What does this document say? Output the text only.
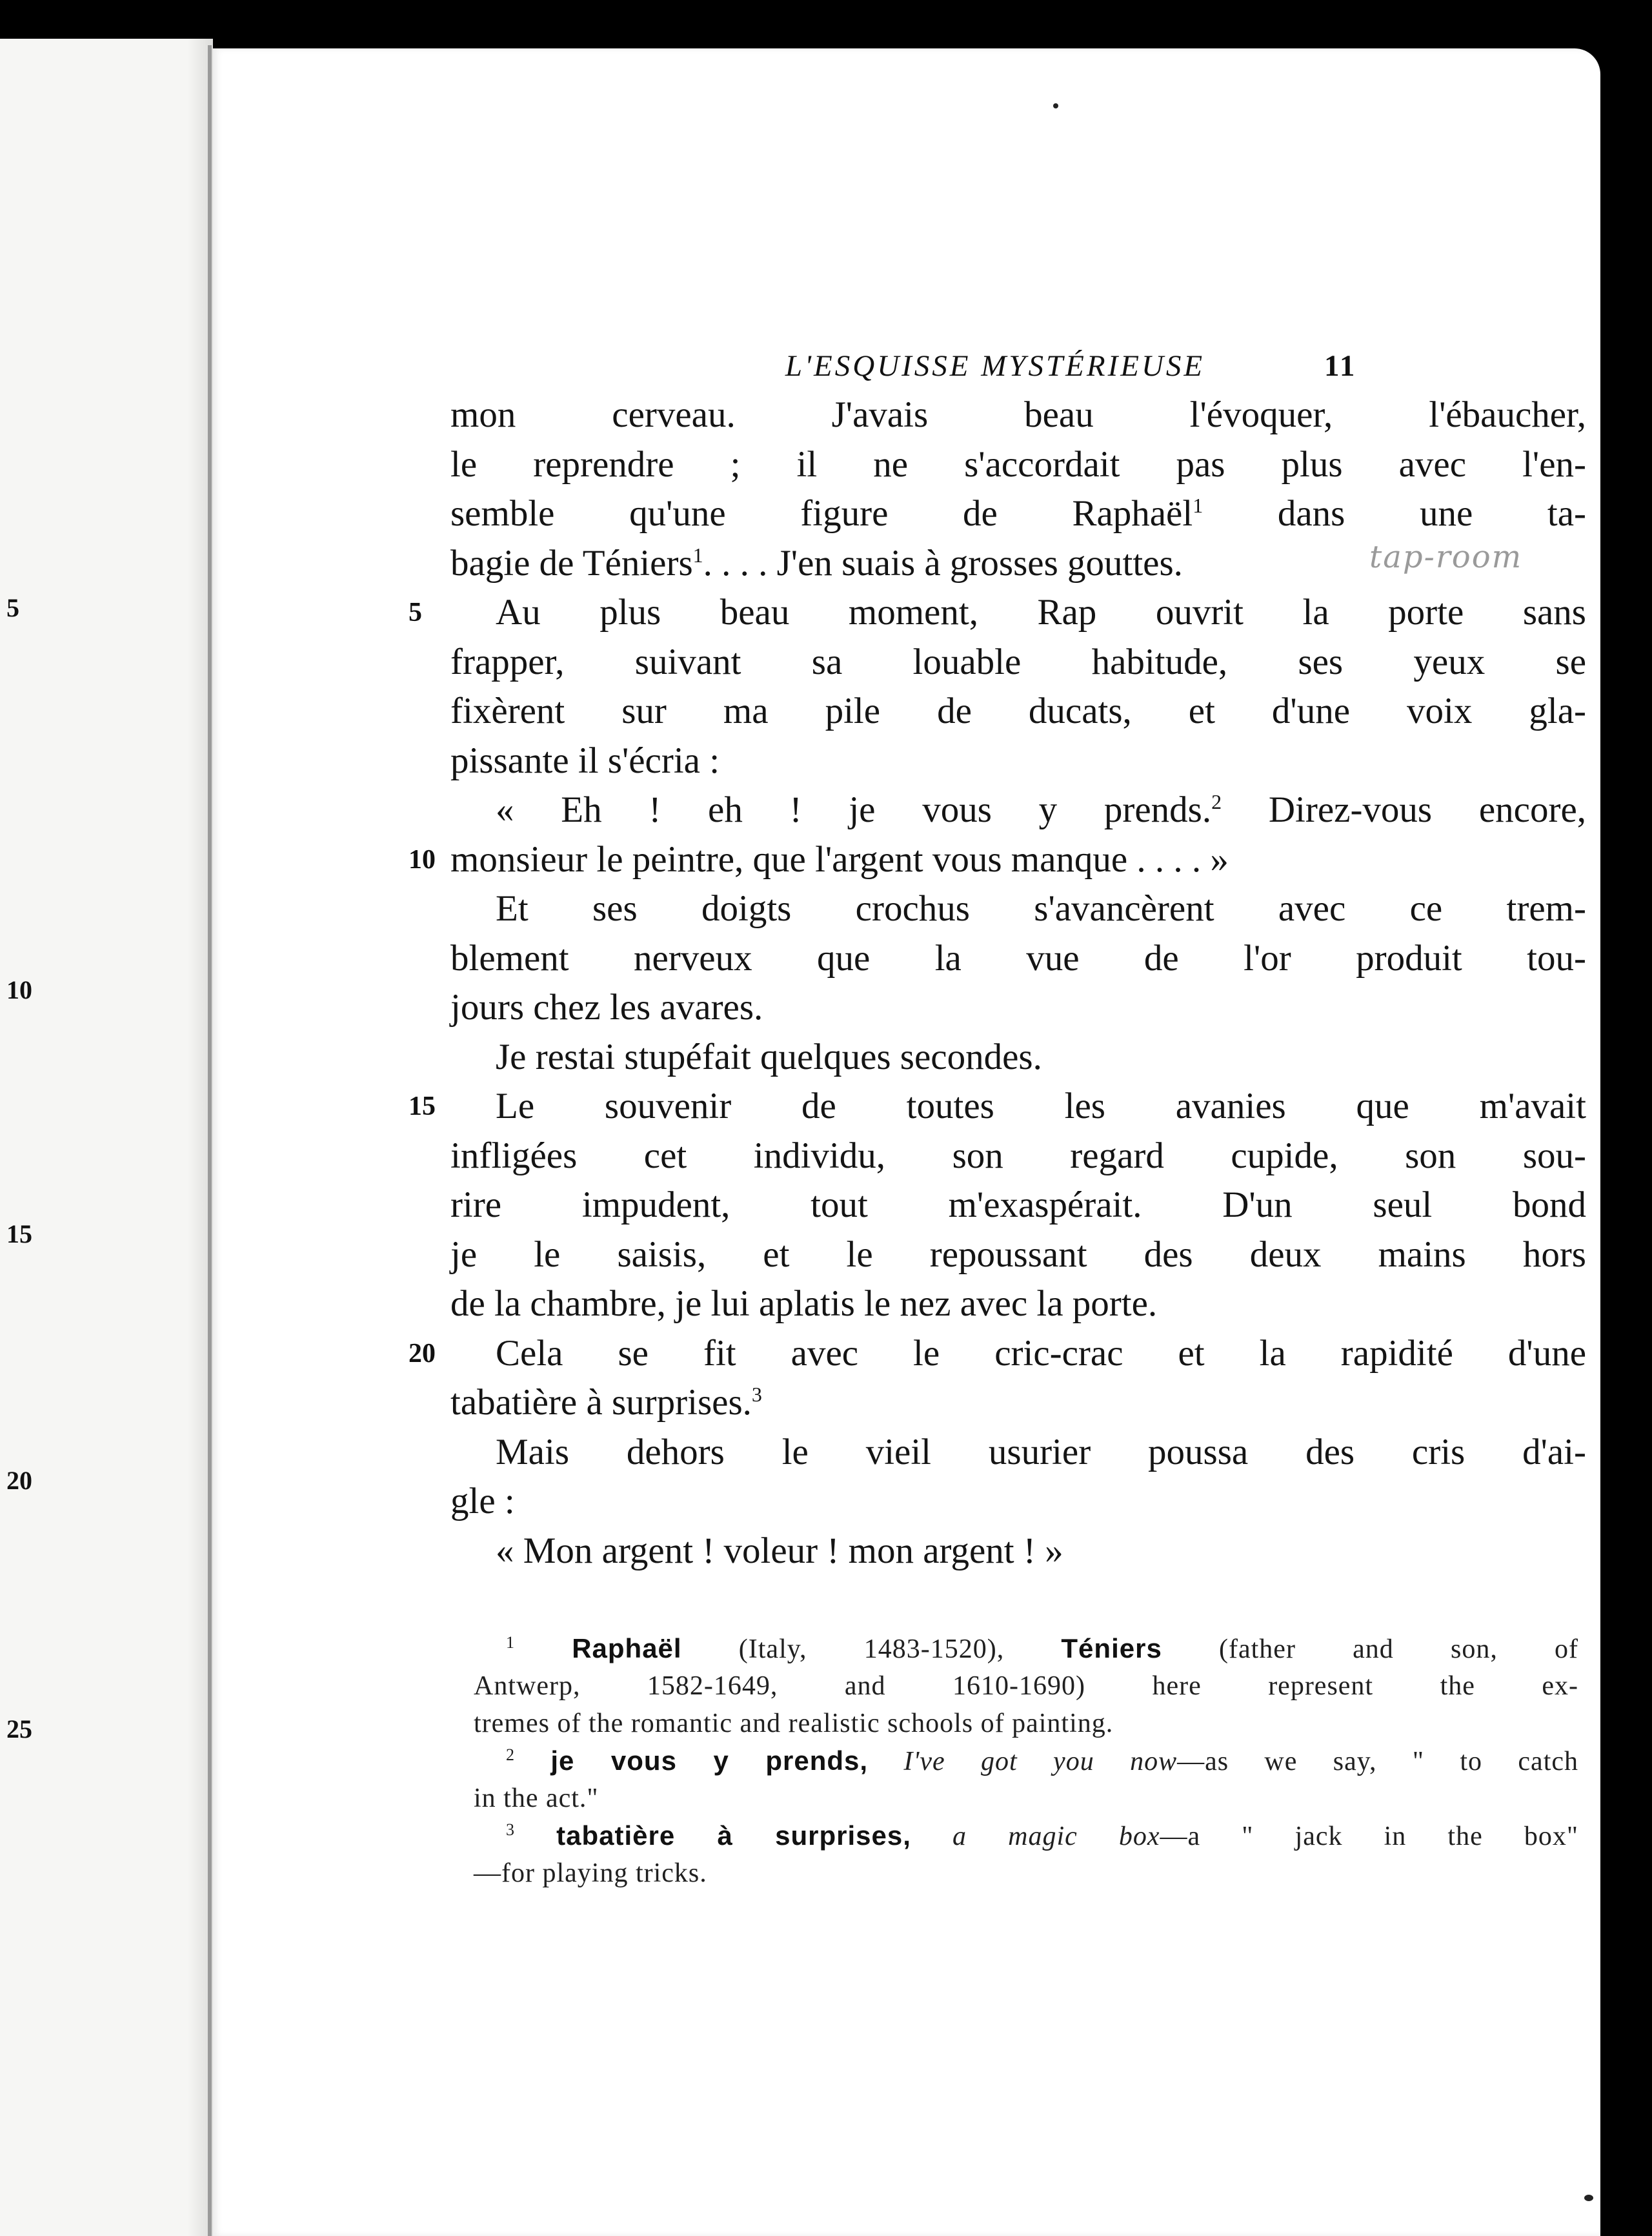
5
10
15
20
25
L'ESQUISSE MYSTÉRIEUSE	11
tap-room
mon cerveau. J'avais beau l'évoquer, l'ébaucher,
le reprendre ; il ne s'accordait pas plus avec l'en-
semble qu'une figure de Raphaël$^1$ dans une ta-
bagie de Téniers$^1$. . . . J'en suais à grosses gouttes.
Au plus beau moment, Rap ouvrit la porte sans
5
frapper, suivant sa louable habitude, ses yeux se
fixèrent sur ma pile de ducats, et d'une voix gla-
pissante il s'écria :
« Eh ! eh ! je vous y prends.$^2$ Direz-vous encore,
monsieur le peintre, que l'argent vous manque . . . . »
10
Et ses doigts crochus s'avancèrent avec ce trem-
blement nerveux que la vue de l'or produit tou-
jours chez les avares.
Je restai stupéfait quelques secondes.
Le souvenir de toutes les avanies que m'avait
15
infligées cet individu, son regard cupide, son sou-
rire impudent, tout m'exaspérait. D'un seul bond
je le saisis, et le repoussant des deux mains hors
de la chambre, je lui aplatis le nez avec la porte.
Cela se fit avec le cric-crac et la rapidité d'une
20
tabatière à surprises.$^3$
Mais dehors le vieil usurier poussa des cris d'ai-
gle :
« Mon argent ! voleur ! mon argent ! »
$^1$ Raphaël (Italy, 1483-1520), Téniers (father and son, of
Antwerp, 1582-1649, and 1610-1690) here represent the ex-
tremes of the romantic and realistic schools of painting.
$^2$ je vous y prends, I've got you now—as we say, " to catch
in the act."
$^3$ tabatière à surprises, a magic box—a " jack in the box"
—for playing tricks.
